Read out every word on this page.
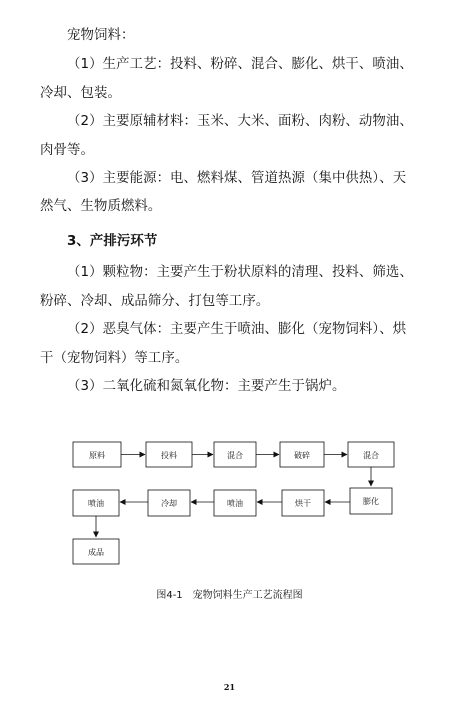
宠物饲料：
（1）生产工艺：投料、粉碎、混合、膨化、烘干、喷油、
冷却、包装。
（2）主要原辅材料：玉米、大米、面粉、肉粉、动物油、
肉骨等。
（3）主要能源：电、燃料煤、管道热源（集中供热）、天
然气、生物质燃料。
3、产排污环节
（1）颗粒物：主要产生于粉状原料的清理、投料、筛选、
粉碎、冷却、成品筛分、打包等工序。
（2）恶臭气体：主要产生于喷油、膨化（宠物饲料）、烘
干（宠物饲料）等工序。
（3）二氧化硫和氮氧化物：主要产生于锅炉。
原料	投料	混合	破碎	混合
喷油	冷却	喷油	烘干	膨化
成品
图4-1　宠物饲料生产工艺流程图
21
